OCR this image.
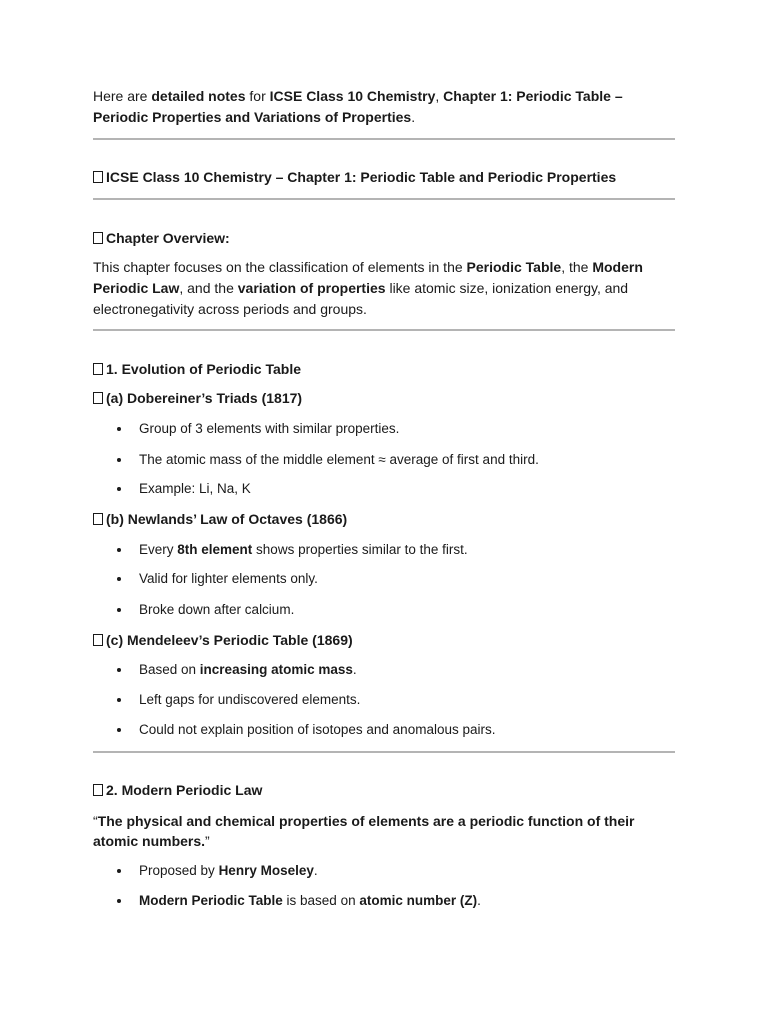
Here are detailed notes for ICSE Class 10 Chemistry, Chapter 1: Periodic Table – Periodic Properties and Variations of Properties.

ICSE Class 10 Chemistry – Chapter 1: Periodic Table and Periodic Properties
Chapter Overview:

This chapter focuses on the classification of elements in the Periodic Table, the Modern Periodic Law, and the variation of properties like atomic size, ionization energy, and electronegativity across periods and groups.

1. Evolution of Periodic Table
(a) Dobereiner’s Triads (1817)
Group of 3 elements with similar properties.
The atomic mass of the middle element ≈ average of first and third.
Example: Li, Na, K
(b) Newlands’ Law of Octaves (1866)
Every 8th element shows properties similar to the first.
Valid for lighter elements only.
Broke down after calcium.
(c) Mendeleev’s Periodic Table (1869)
Based on increasing atomic mass.
Left gaps for undiscovered elements.
Could not explain position of isotopes and anomalous pairs.
2. Modern Periodic Law

“The physical and chemical properties of elements are a periodic function of their atomic numbers.”

Proposed by Henry Moseley.
Modern Periodic Table is based on atomic number (Z).
